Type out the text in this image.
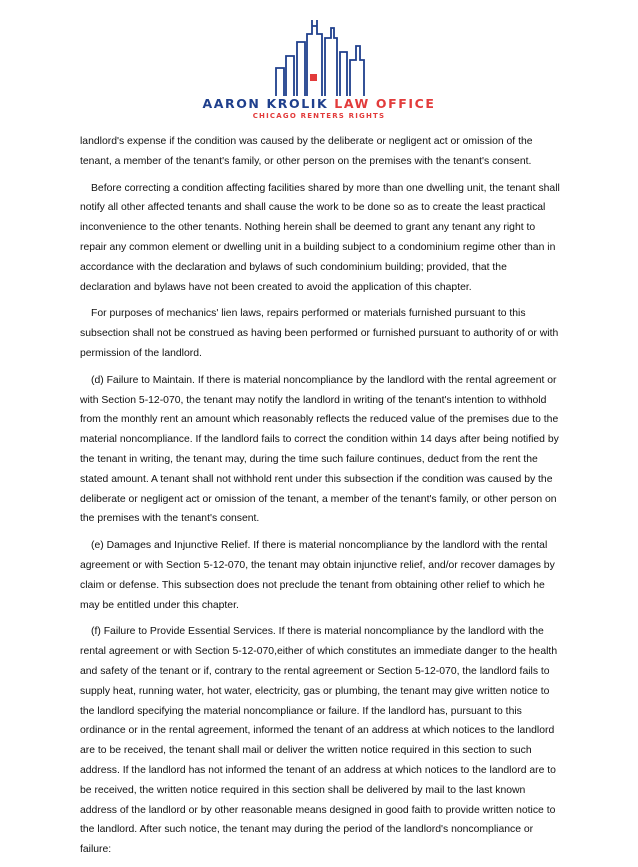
AARON KROLIK LAW OFFICE
CHICAGO RENTERS RIGHTS

landlord's expense if the condition was caused by the deliberate or negligent act or omission of the tenant, a member of the tenant's family, or other person on the premises with the tenant's consent.

Before correcting a condition affecting facilities shared by more than one dwelling unit, the tenant shall notify all other affected tenants and shall cause the work to be done so as to create the least practical inconvenience to the other tenants. Nothing herein shall be deemed to grant any tenant any right to repair any common element or dwelling unit in a building subject to a condominium regime other than in accordance with the declaration and bylaws of such condominium building; provided, that the declaration and bylaws have not been created to avoid the application of this chapter.

For purposes of mechanics' lien laws, repairs performed or materials furnished pursuant to this subsection shall not be construed as having been performed or furnished pursuant to authority of or with permission of the landlord.

(d) Failure to Maintain. If there is material noncompliance by the landlord with the rental agreement or with Section 5-12-070, the tenant may notify the landlord in writing of the tenant's intention to withhold from the monthly rent an amount which reasonably reflects the reduced value of the premises due to the material noncompliance. If the landlord fails to correct the condition within 14 days after being notified by the tenant in writing, the tenant may, during the time such failure continues, deduct from the rent the stated amount. A tenant shall not withhold rent under this subsection if the condition was caused by the deliberate or negligent act or omission of the tenant, a member of the tenant's family, or other person on the premises with the tenant's consent.

(e) Damages and Injunctive Relief. If there is material noncompliance by the landlord with the rental agreement or with Section 5-12-070, the tenant may obtain injunctive relief, and/or recover damages by claim or defense. This subsection does not preclude the tenant from obtaining other relief to which he may be entitled under this chapter.

(f) Failure to Provide Essential Services. If there is material noncompliance by the landlord with the rental agreement or with Section 5-12-070,either of which constitutes an immediate danger to the health and safety of the tenant or if, contrary to the rental agreement or Section 5-12-070, the landlord fails to supply heat, running water, hot water, electricity, gas or plumbing, the tenant may give written notice to the landlord specifying the material noncompliance or failure. If the landlord has, pursuant to this ordinance or in the rental agreement, informed the tenant of an address at which notices to the landlord are to be received, the tenant shall mail or deliver the written notice required in this section to such address. If the landlord has not informed the tenant of an address at which notices to the landlord are to be received, the written notice required in this section shall be delivered by mail to the last known address of the landlord or by other reasonable means designed in good faith to provide written notice to the landlord. After such notice, the tenant may during the period of the landlord's noncompliance or failure:
